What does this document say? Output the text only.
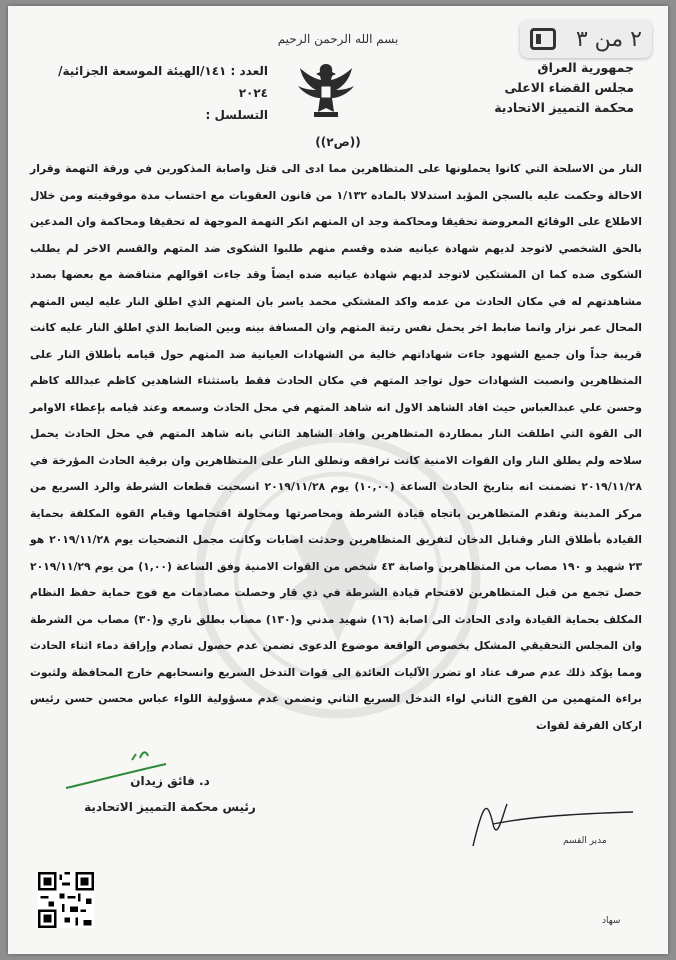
٢ من ٣
بسم الله الرحمن الرحيم
جمهورية العراق
مجلس القضاء الاعلى
محكمة التمييز الاتحادية
العدد : ١٤١/الهيئة الموسعة الجزائية/٢٠٢٤
التسلسل :
((ص٢))

النار من الاسلحة التي كانوا يحملونها على المتظاهرين مما ادى الى قتل واصابة المذكورين في ورقة التهمة وقرار الاحالة وحكمت عليه بالسجن المؤبد استدلالا بالمادة ١/١٣٢ من قانون العقوبات مع احتساب مدة موقوفيته ومن خلال الاطلاع على الوقائع المعروضة تحقيقا ومحاكمة وجد ان المتهم انكر التهمة الموجهة له تحقيقا ومحاكمة وان المدعين بالحق الشخصي لاتوجد لديهم شهادة عيانيه ضده وقسم منهم طلبوا الشكوى ضد المتهم والقسم الاخر لم يطلب الشكوى ضده كما ان المشتكين لاتوجد لديهم شهادة عيانيه ضده ايضاً وقد جاءت اقوالهم متناقضة مع بعضها بصدد مشاهدتهم له في مكان الحادث من عدمه واكد المشتكي محمد ياسر بان المتهم الذي اطلق النار عليه ليس المتهم المحال عمر نزار وانما ضابط اخر يحمل نفس رتبة المتهم وان المسافة بينه وبين الضابط الذي اطلق النار عليه كانت قريبة جداً وان جميع الشهود جاءت شهاداتهم خالية من الشهادات العيانية ضد المتهم حول قيامه بأطلاق النار على المتظاهرين وانصبت الشهادات حول تواجد المتهم في مكان الحادث فقط باستثناء الشاهدين كاظم عبدالله كاظم وحسن علي عبدالعباس حيث افاد الشاهد الاول انه شاهد المتهم في محل الحادث وسمعه وعند قيامه بإعطاء الاوامر الى القوة التي اطلقت النار بمطاردة المتظاهرين وافاد الشاهد الثاني بانه شاهد المتهم في محل الحادث يحمل سلاحه ولم يطلق النار وان القوات الامنية كانت ترافقه وتطلق النار على المتظاهرين وان برقية الحادث المؤرخة في ٢٠١٩/١١/٢٨ تضمنت انه بتاريخ الحادث الساعة (١٠,٠٠) يوم ٢٠١٩/١١/٢٨ انسحبت قطعات الشرطة والرد السريع من مركز المدينة وتقدم المتظاهرين باتجاه قيادة الشرطة ومحاصرتها ومحاولة اقتحامها وقيام القوة المكلفة بحماية القيادة بأطلاق النار وقنابل الدخان لتفريق المتظاهرين وحدثت اصابات وكانت مجمل التضحيات يوم ٢٠١٩/١١/٢٨ هو ٢٣ شهيد و ١٩٠ مصاب من المتظاهرين واصابة ٤٣ شخص من القوات الامنية وفق الساعة (١,٠٠) من يوم ٢٠١٩/١١/٢٩ حصل تجمع من قبل المتظاهرين لاقتحام قيادة الشرطة في ذي قار وحصلت مصادمات مع فوج حماية حفظ النظام المكلف بحماية القيادة وادى الحادث الى اصابة (١٦) شهيد مدني و(١٣٠) مصاب بطلق ناري و(٣٠) مصاب من الشرطة وان المجلس التحقيقي المشكل بخصوص الواقعة موضوع الدعوى تضمن عدم حصول تصادم وإراقة دماء اثناء الحادث ومما يؤكد ذلك عدم صرف عتاد او تضرر الآليات العائدة الى قوات التدخل السريع وانسحابهم خارج المحافظة ولثبوت براءة المتهمين من الفوج الثاني لواء التدخل السريع الثاني وتضمن عدم مسؤولية اللواء عباس محسن حسن رئيس اركان الفرقة لقوات

د. فائق زيدان
رئيس محكمة التمييز الاتحادية
مدير القسم
سهاد
